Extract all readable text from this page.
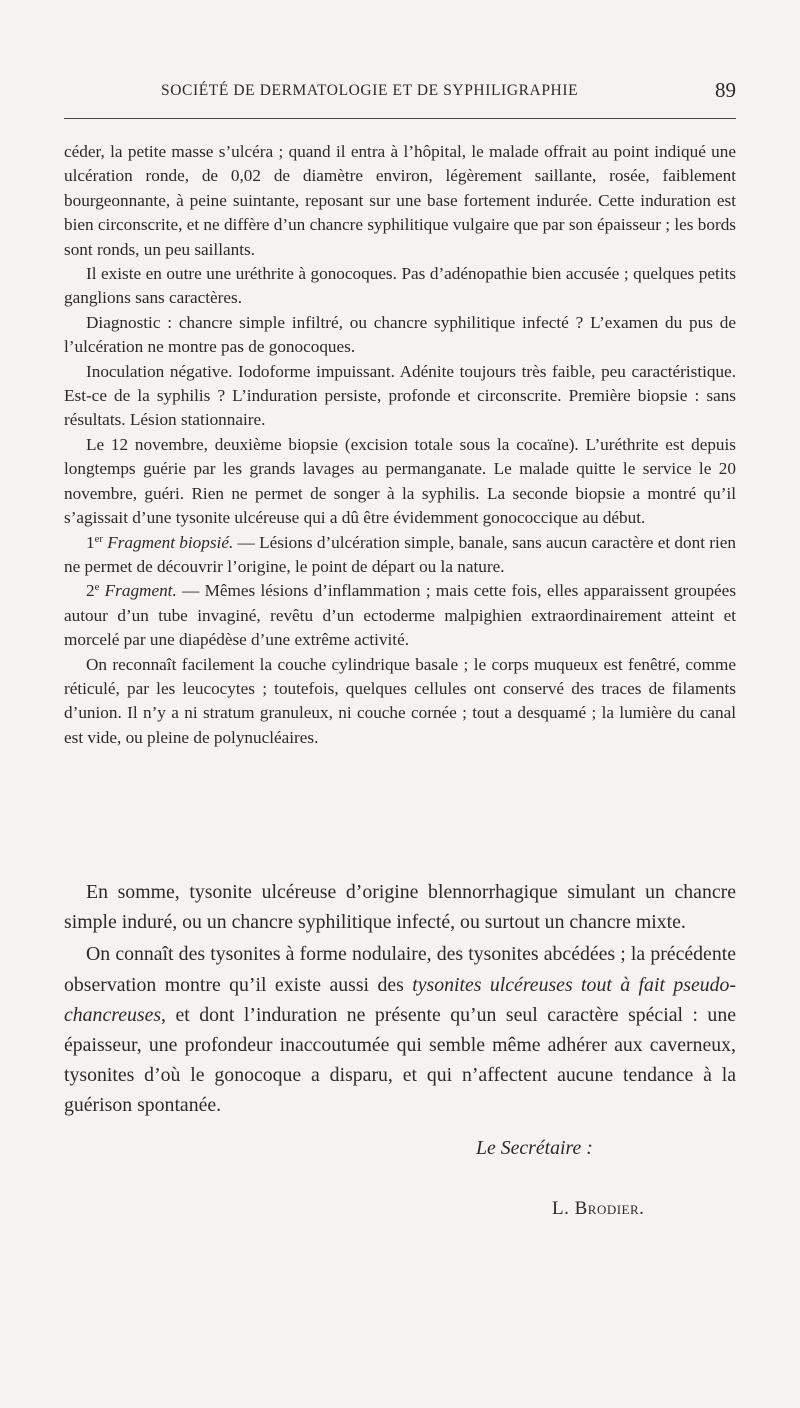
SOCIÉTÉ DE DERMATOLOGIE ET DE SYPHILIGRAPHIE	89

céder, la petite masse s’ulcéra ; quand il entra à l’hôpital, le malade offrait au point indiqué une ulcération ronde, de 0,02 de diamètre environ, légèrement saillante, rosée, faiblement bourgeonnante, à peine suintante, reposant sur une base fortement indurée. Cette induration est bien circonscrite, et ne diffère d’un chancre syphilitique vulgaire que par son épaisseur ; les bords sont ronds, un peu saillants.

Il existe en outre une uréthrite à gonocoques. Pas d’adénopathie bien accusée ; quelques petits ganglions sans caractères.

Diagnostic : chancre simple infiltré, ou chancre syphilitique infecté ? L’examen du pus de l’ulcération ne montre pas de gonocoques.

Inoculation négative. Iodoforme impuissant. Adénite toujours très faible, peu caractéristique. Est-ce de la syphilis ? L’induration persiste, profonde et circonscrite. Première biopsie : sans résultats. Lésion stationnaire.

Le 12 novembre, deuxième biopsie (excision totale sous la cocaïne). L’uréthrite est depuis longtemps guérie par les grands lavages au permanganate. Le malade quitte le service le 20 novembre, guéri. Rien ne permet de songer à la syphilis. La seconde biopsie a montré qu’il s’agissait d’une tysonite ulcéreuse qui a dû être évidemment gonococcique au début.

1er Fragment biopsié. — Lésions d’ulcération simple, banale, sans aucun caractère et dont rien ne permet de découvrir l’origine, le point de départ ou la nature.

2e Fragment. — Mêmes lésions d’inflammation ; mais cette fois, elles apparaissent groupées autour d’un tube invaginé, revêtu d’un ectoderme malpighien extraordinairement atteint et morcelé par une diapédèse d’une extrême activité.

On reconnaît facilement la couche cylindrique basale ; le corps muqueux est fenêtré, comme réticulé, par les leucocytes ; toutefois, quelques cellules ont conservé des traces de filaments d’union. Il n’y a ni stratum granuleux, ni couche cornée ; tout a desquamé ; la lumière du canal est vide, ou pleine de polynucléaires.

En somme, tysonite ulcéreuse d’origine blennorrhagique simulant un chancre simple induré, ou un chancre syphilitique infecté, ou surtout un chancre mixte.

On connaît des tysonites à forme nodulaire, des tysonites abcédées ; la précédente observation montre qu’il existe aussi des tysonites ulcéreuses tout à fait pseudo-chancreuses, et dont l’induration ne présente qu’un seul caractère spécial : une épaisseur, une profondeur inaccoutumée qui semble même adhérer aux caverneux, tysonites d’où le gonocoque a disparu, et qui n’affectent aucune tendance à la guérison spontanée.

Le Secrétaire :
L. Brodier.
